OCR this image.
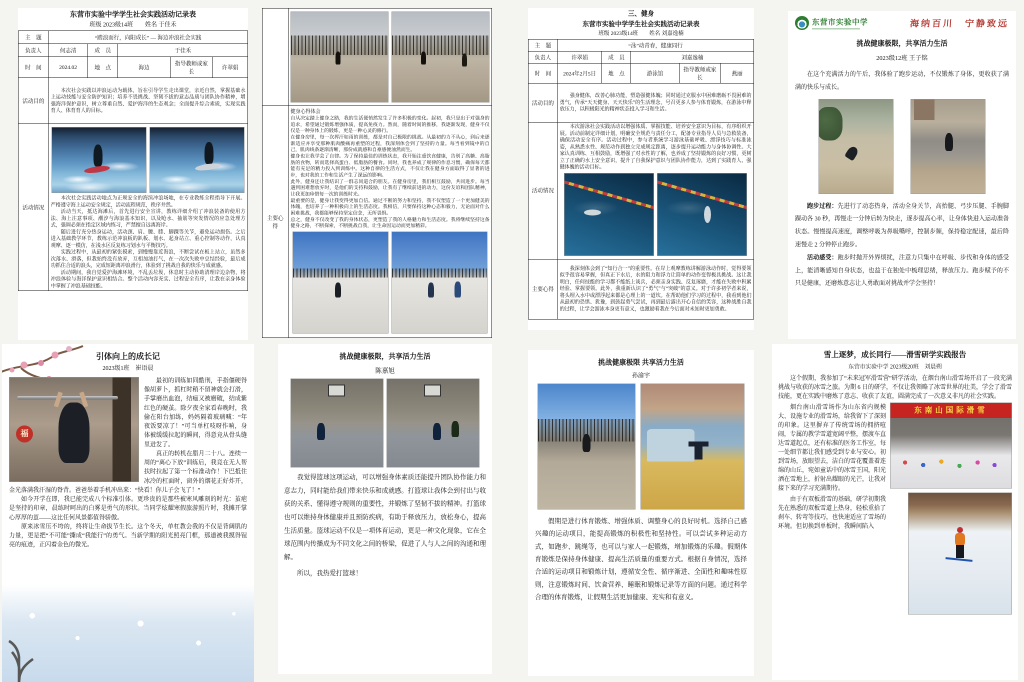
东营市实验中学学生社会实践活动记录表
班级 2023级14班　　姓名 于佳禾
主　题	“踏浪而行，向阳成长” — 海边冲浪社会实践				
负责人	何志清	成　员	于佳禾		
时　间	2024.02	地　点	海边	指导教师或家长	许翠娟
活动目的	本次社会实践以冲浪运动为载体，旨在引导学生走出课堂，亲近自然，掌握基础水上运动技能与安全防护知识；培养不畏挑战、坚韧不拔的意志品质与团队协作精神，增强海洋保护意识，树立尊重自然、爱护海洋的生态观念；全面提升综合素质，实现实践育人、体育育人的目标。				

活动情况	本次社会实践活动地点为正规安全的海滨冲浪场地，在专业教练全程指导下开展。严格遵守海上运动安全规定，活动流程规范，秩序井然。

活动当天，抵达海滩后，首先进行安全宣讲，教练详细介绍了冲浪装备的使用方法、海上注意事项、潮汐与海浪基本知识，以及呛水、抽筋等突发情况的应急处理方式，强调必须在指定区域内练习，严禁擅自远离海岸。

随后进行充分热身运动，活动颈、肩、腰、膝、脚踝等关节，避免运动损伤。之后进入基础教学环节，教练示范冲浪板的趴板、划水、起身站立、重心控制等动作，认真观摩、逐一模仿，在浅水区反复练习划水与平衡技巧。

实践过程中，从最初的紧张摸索，到慢慢靠近海浪，不断尝试在板上站立，虽然多次落水、滑落，但我始终没有放弃，互相加油打气，在一次次失败中总结经验，最后成功抓住合适的浪头，完成短距离冲浪滑行，体验到了挑战自我的快乐与成就感。

活动期间，我自觉爱护海滩环境，不乱丢垃圾，休息时主动协助清理岸边杂物，将冲浪体验与海洋保护意识相结合。整个活动内容充实、过程安全有序，让我在亲身体验中掌握了冲浪基础技能。				

主要心得	
健身心得体会

自从决定踏上健身之路，我的生活便悄然发生了许多积极的变化。起初，我只是出于对强身的追求，希望通过锻炼增强体质，提高免疫力。然而，随着时间的推移，我逐渐发现，健身不仅仅是一种身体上的锻炼，更是一种心灵的修行。

在健身房里，每一次挥汗如雨的训练，都是对自己极限的挑战。从最初的力不从心，到后来逐渐适应并享受那种肌肉酸痛再重塑的过程，我深刻体会到了坚持的力量。每当看到镜中的自己，肌肉线条逐渐清晰，那份成就感和自豪感便油然而生。

健身也让我学会了自律。为了保持最佳的训练状态，我开始注重饮食健康，告别了高糖、高脂肪的食物，转而选择高蛋白、低脂肪的餐食。同时，我也养成了规律的作息习惯，确保每天都能有充足的精力投入到训练中。这种自律的生活方式，不仅让我在健身方面取得了显著的进步，也对我的工作和生活产生了深远的影响。

此外，健身还让我结识了一群志同道合的朋友。在健身房里，我们相互鼓励，共同进步。每当遇到困难想放弃时，是他们的支持和鼓励，让我有了继续前进的动力，这份友谊和团队精神，让我更加珍惜每一次的训练时光。

最重要的是，健身让我变得更加自信。通过不断的努力和坚持，我不仅塑造了一个更加健美的体魄，也培养了一种积极向上的生活态度。我相信，只要保持这种心态和毅力，无论面对什么困难挑战，我都能够保持坚定信念，无所畏惧。

总之，健身不仅改变了我的身体状态，更塑造了我的人格魅力和生活态度。我将继续坚持这条健身之路，不断探索，不断挑战自我，让生命因运动而更加精彩。

三、健身
东营市实验中学学生社会实践活动记录表
班级 2023级14班　　姓名 刘嘉逸楠
主　题	“泳”动青春，健康同行				
负责人	许翠娟	成　员	刘嘉逸楠		
时　间	2024年2月5日	地　点	游泳馆	指导教师或家长	燕丽
活动目的	强身健体，改善心肺功能，塑造强健体魄；同时通过克服水中困难磨砺不畏困难的勇气，传承“天天健身、天天快乐”的生活理念，号召更多人参与体育锻炼，在游泳中释放压力，以积极阳光的精神状态投入学习和生活。				

活动情况	本次游泳社会实践活动以增强体质、掌握技能、培养安全意识为目标，有序组织开展。活动前制定详细计划，明确安全规范与责任分工，配备专业指导人员与急救装备，确保活动安全有序。活动过程中，参与者系统学习游泳基础呼吸、漂浮技巧与标准泳姿，从熟悉水性、规范动作到独立完成规定距离，逐步提升运动能力与身体协调性。大家认真训练、互相鼓励，既增强了对水性的了解，也养成了坚持锻炼的良好习惯，更树立了正确的水上安全意识，提升了自我保护意识与团队协作能力，达到了实践育人、强健体魄的活动目标。				

主要心得	我深刻体会到了“知行合一”的重要性。在岸上观摩教练讲解游泳动作时，觉得要领似乎很容易掌握，但真正下水后，水的阻力和浮力让简单的动作变得极具挑战。这让我明白，任何技能的学习都不能纸上谈兵，必须亲身实践、反复琢磨，才能在失败中积累经验、掌握要领。此外，我重新认识了“勇气”与“突破”的意义。对于许多初学者来说，将头埋入水中或漂浮起来都是心理上的一道坎。在帮助他们学习的过程中，我看到他们从最初的恐惧、犹豫，到鼓起勇气尝试，再到最后露出开心自信的笑容，这种战胜自我的过程，让学会游泳本身更有意义，也激励着我在今后面对未知时更加勇敢。				

东营市实验中学 海纳百川　宁静致远
挑战健康极限，共享活力生活
2023级12班 王子铭

在这个充满活力的午后，我体验了跑步运动，不仅锻炼了身体，更收获了满满的快乐与成长。

跑步过程：先进行了动态热身，活动全身关节，高抬腿、弓步压腿、手腕脚踝动各 30 秒，再慢走一分钟后转为快走，逐步提高心率，让身体快进入运动准备状态。慢慢提高速度，调整呼吸为鼻吸嘴呼，控制步频，保持稳定配速，最后降速慢走 2 分钟停止跑步。

活动感受：跑步时抛开外界烦扰，注意力只集中在呼吸、步伐和身体的感受上，能清晰感知自身状态，也益于在独处中梳理思绪，释放压力。跑步赋予的不只是健康，还磨炼意志让人勇敢面对挑战并学会坚持！

引体向上的成长记
2023级1班　崔语晨
福

最初的训练如同酷刑，手指僵硬得像胡萝卜，抓杠时稍不留神就会打滑，手掌磨出血泡，结痂又被磨破，结成紫红色的硬茧。除夕夜全家看春晚时，我偷在阳台加练，妈妈隔着玻璃喊：“年夜饭要凉了！”可当单杠吱呀作响，身体被缓缓拉起的瞬间，得意竟从骨头缝里迸发了。

真正的转机在腊月二十八。连续一周的“离心下放”训练后，我竟在无人帮扶时拉起了第一个标准动作！下巴抵住冰冷的杠面时，窗外的烟花正好炸开，金光落满我汗湿的脊背。爸爸举着手机冲出来：“快看！你儿子会飞了！”

如今开学在即，我已能完成八个标准引体。更珍贵的是那些被寒风雕刻的时光：茧疤是坚持的印章，晨练时呵出的白雾是勇气的形状。当同学炫耀寒假旅游照片时，我摊开掌心厚厚的茧——这比任何风景都值得骄傲。

原来冰雪压不垮的，终将让生命拔节生长。这个冬天，单杠教会我的不仅是背阔肌的力量，更是把“不可能”撕成“我能行”的勇气。当新学期的阳光照亮门框，那道被我摸得锃亮的痕迹，正闪着金色的微光。

挑战健康极限，共享活力生活
陈嘉旭

我觉得篮球这项运动，可以增强身体素质还能提升团队协作能力和意志力，同时能给我们带来快乐和成就感。打篮球让我体会到付出与收获的关系、懂得遵守规则的重要性，并锻炼了坚韧不拔的精神。打篮球也可以维持身体健康并且预防疾病，有助于释放压力，放松身心，提高生活质量。篮球运动不仅是一项体育运动，更是一种文化现象，它在全球范围内传播成为不同文化之间的桥梁，促进了人与人之间的沟通和理解。

所以，我热爱打篮球！

挑战健康极限 共享活力生活
孙渝宇

假期是进行体育锻炼、增强体质、调整身心的良好时机。选择自己感兴趣的运动项目，能提高锻炼的积极性和坚持性。可以尝试多种运动方式，如跑步、跳绳等，也可以与家人一起锻炼，增加锻炼的乐趣。假期体育锻炼是保持身体健康、提高生活质量的重要方式。根据自身情况，选择合适的运动项目和锻炼计划，遵循安全性、循序渐进、全面性和趣味性原则，注意锻炼时间、饮食营养、睡眠和锻炼记录等方面的问题。通过科学合理的体育锻炼，让假期生活更加健康、充实和有意义。

雪上逐梦，成长同行——滑雪研学实践报告
东营市实验中学 2023级20班　刘晨朔

这个假期，我参加了“未来冠军滑雪营”研学活动，在烟台南山滑雪场开启了一段充满挑战与收获的冰雪之旅。为期 6 日的研学，不仅让我领略了冰雪世界的壮美，学会了滑雪技能，更在实践中磨炼了意志、收获了友谊，圆满完成了一次意义非凡的社会实践。

东南山国际滑雪

烟台南山滑雪场作为山东省内规模大、设施专业的滑雪场，给我留下了深刻的印象。这里摒弃了传统雪场的拥挤喧闹，专属的教学雪道宽阔平整，摆渡车直达雪道起点，还有标准的医务工作室，每一处细节都让我们感受到专业与安心。初到雪场，放眼望去，洁白的雪花覆盖着连绵的山丘，宛如童话中的冰雪王国，阳光洒在雪地上，折射出耀眼的光芒，让我对接下来的学习充满期待。

由于有双板滑雪的基础，研学初期我先在熟悉的双板雪道上热身，轻松重拾了刹车、转弯等技巧，也快速适应了雪场的环境。但切换到单板时，我瞬间陷入
